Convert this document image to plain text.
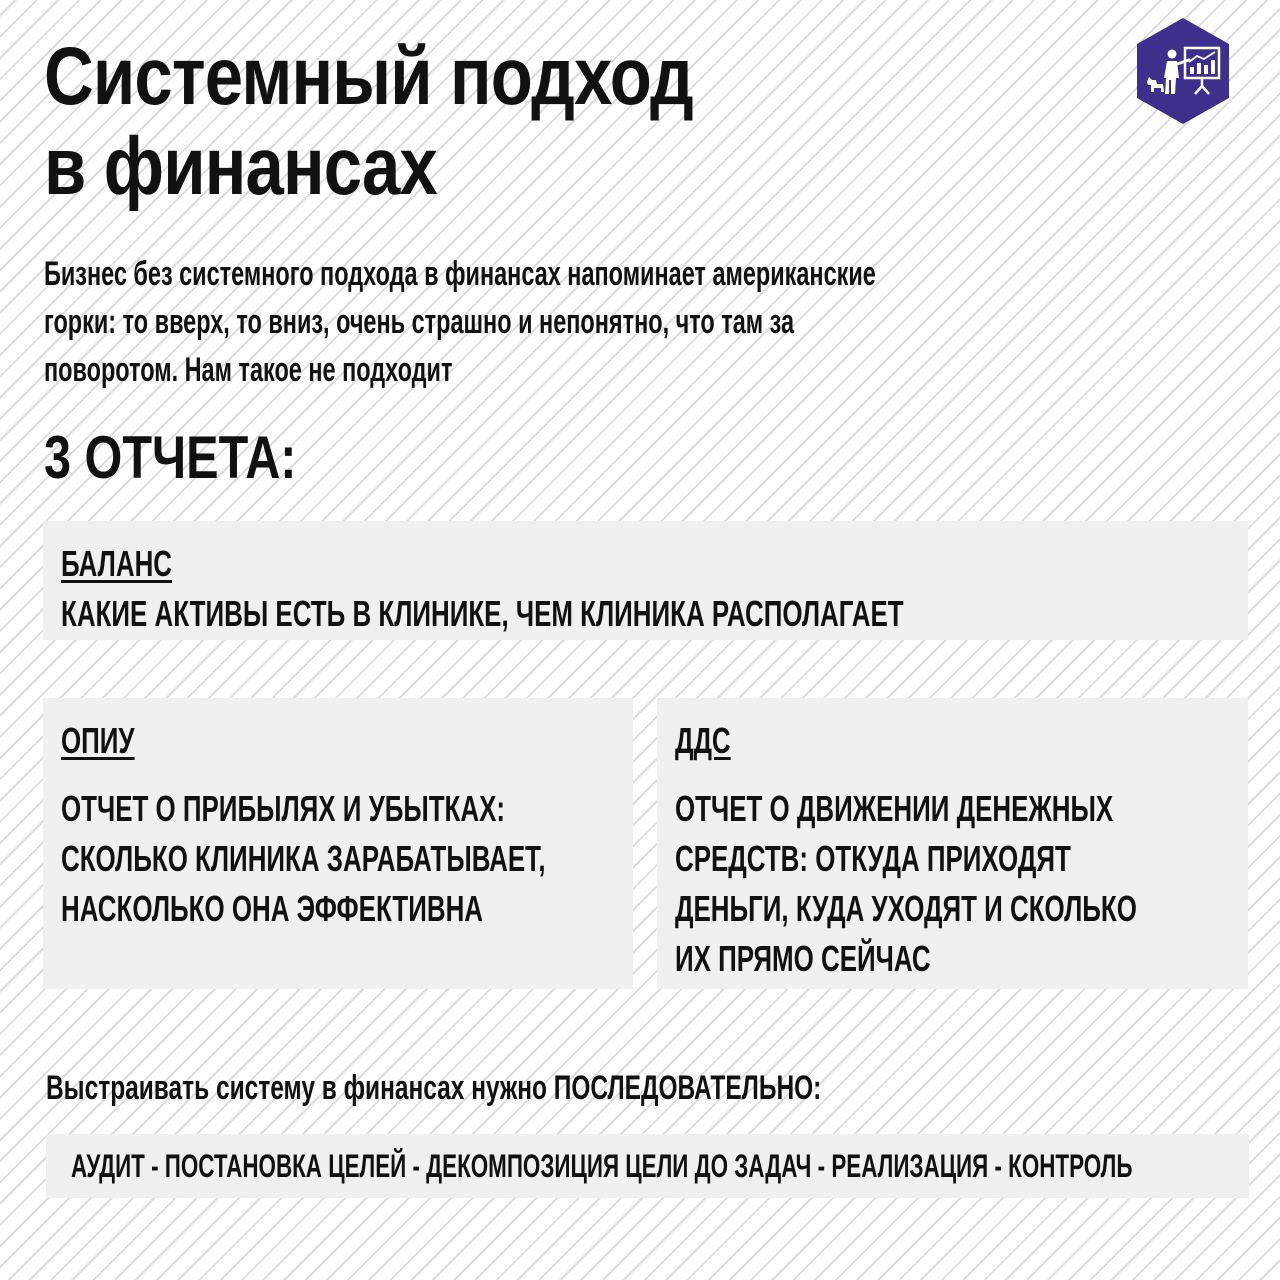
Системный подход
в финансах
Бизнес без системного подхода в финансах напоминает американские
горки: то вверх, то вниз, очень страшно и непонятно, что там за
поворотом. Нам такое не подходит
3 ОТЧЕТА:
БАЛАНС
КАКИЕ АКТИВЫ ЕСТЬ В КЛИНИКЕ, ЧЕМ КЛИНИКА РАСПОЛАГАЕТ
ОПИУ
ОТЧЕТ О ПРИБЫЛЯХ И УБЫТКАХ:
СКОЛЬКО КЛИНИКА ЗАРАБАТЫВАЕТ,
НАСКОЛЬКО ОНА ЭФФЕКТИВНА
ДДС
ОТЧЕТ О ДВИЖЕНИИ ДЕНЕЖНЫХ
СРЕДСТВ: ОТКУДА ПРИХОДЯТ
ДЕНЬГИ, КУДА УХОДЯТ И СКОЛЬКО
ИХ ПРЯМО СЕЙЧАС
Выстраивать систему в финансах нужно ПОСЛЕДОВАТЕЛЬНО:
АУДИТ - ПОСТАНОВКА ЦЕЛЕЙ - ДЕКОМПОЗИЦИЯ ЦЕЛИ ДО ЗАДАЧ - РЕАЛИЗАЦИЯ - КОНТРОЛЬ
